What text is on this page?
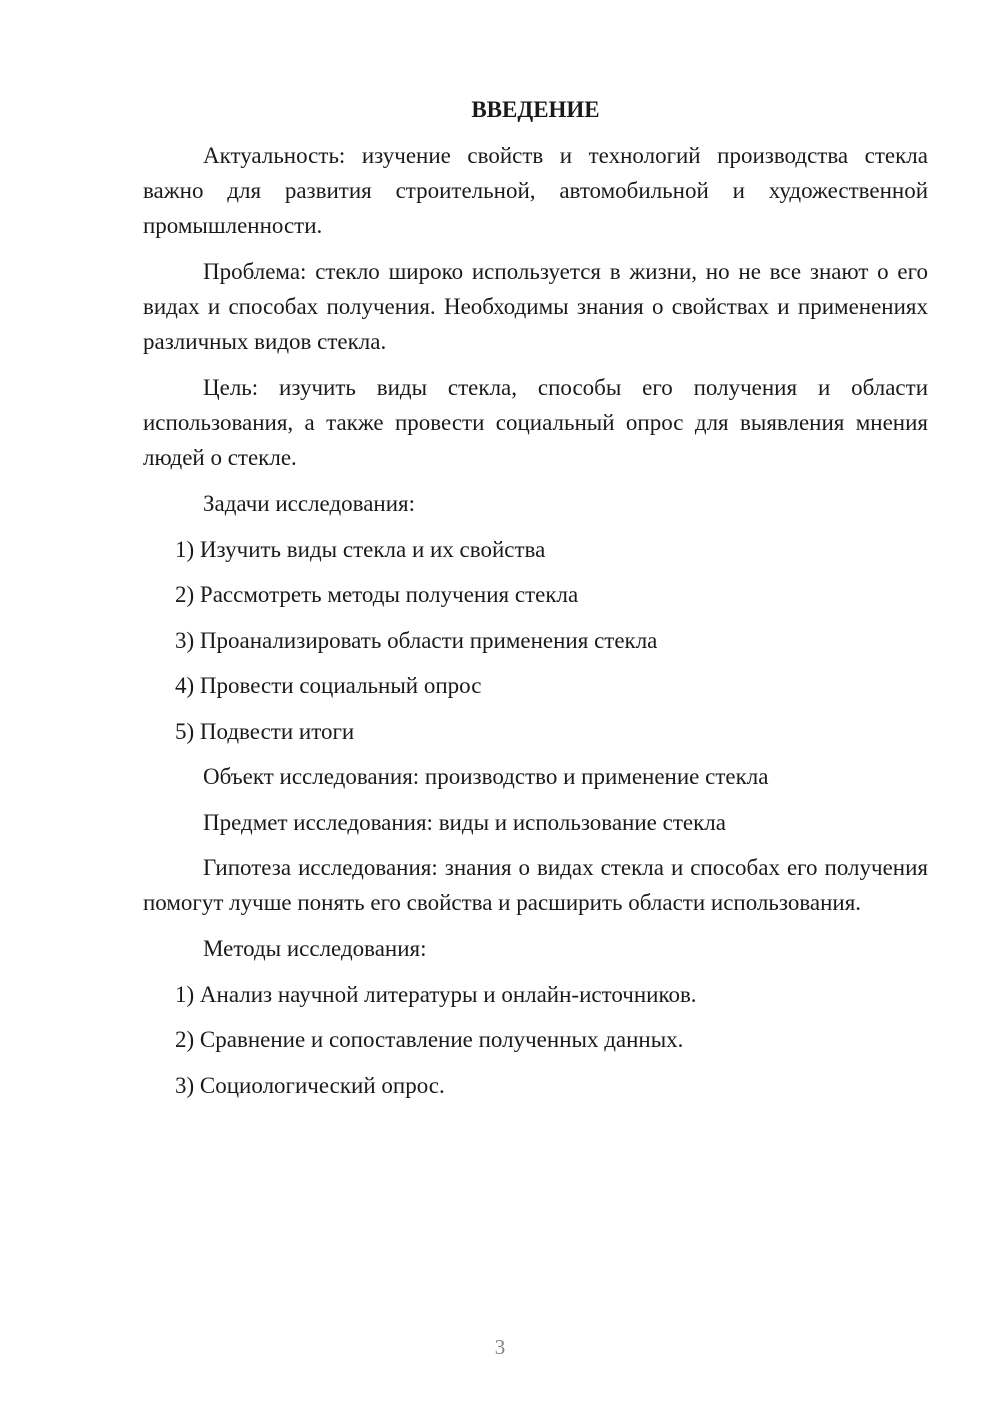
ВВЕДЕНИЕ
Актуальность: изучение свойств и технологий производства стекла важно для развития строительной, автомобильной и художественной промышленности.
Проблема: стекло широко используется в жизни, но не все знают о его видах и способах получения. Необходимы знания о свойствах и применениях различных видов стекла.
Цель: изучить виды стекла, способы его получения и области использования, а также провести социальный опрос для выявления мнения людей о стекле.
Задачи исследования:
1) Изучить виды стекла и их свойства
2) Рассмотреть методы получения стекла
3) Проанализировать области применения стекла
4) Провести социальный опрос
5) Подвести итоги
Объект исследования: производство и применение стекла
Предмет исследования: виды и использование стекла
Гипотеза исследования: знания о видах стекла и способах его получения помогут лучше понять его свойства и расширить области использования.
Методы исследования:
1) Анализ научной литературы и онлайн-источников.
2) Сравнение и сопоставление полученных данных.
3) Социологический опрос.
3
